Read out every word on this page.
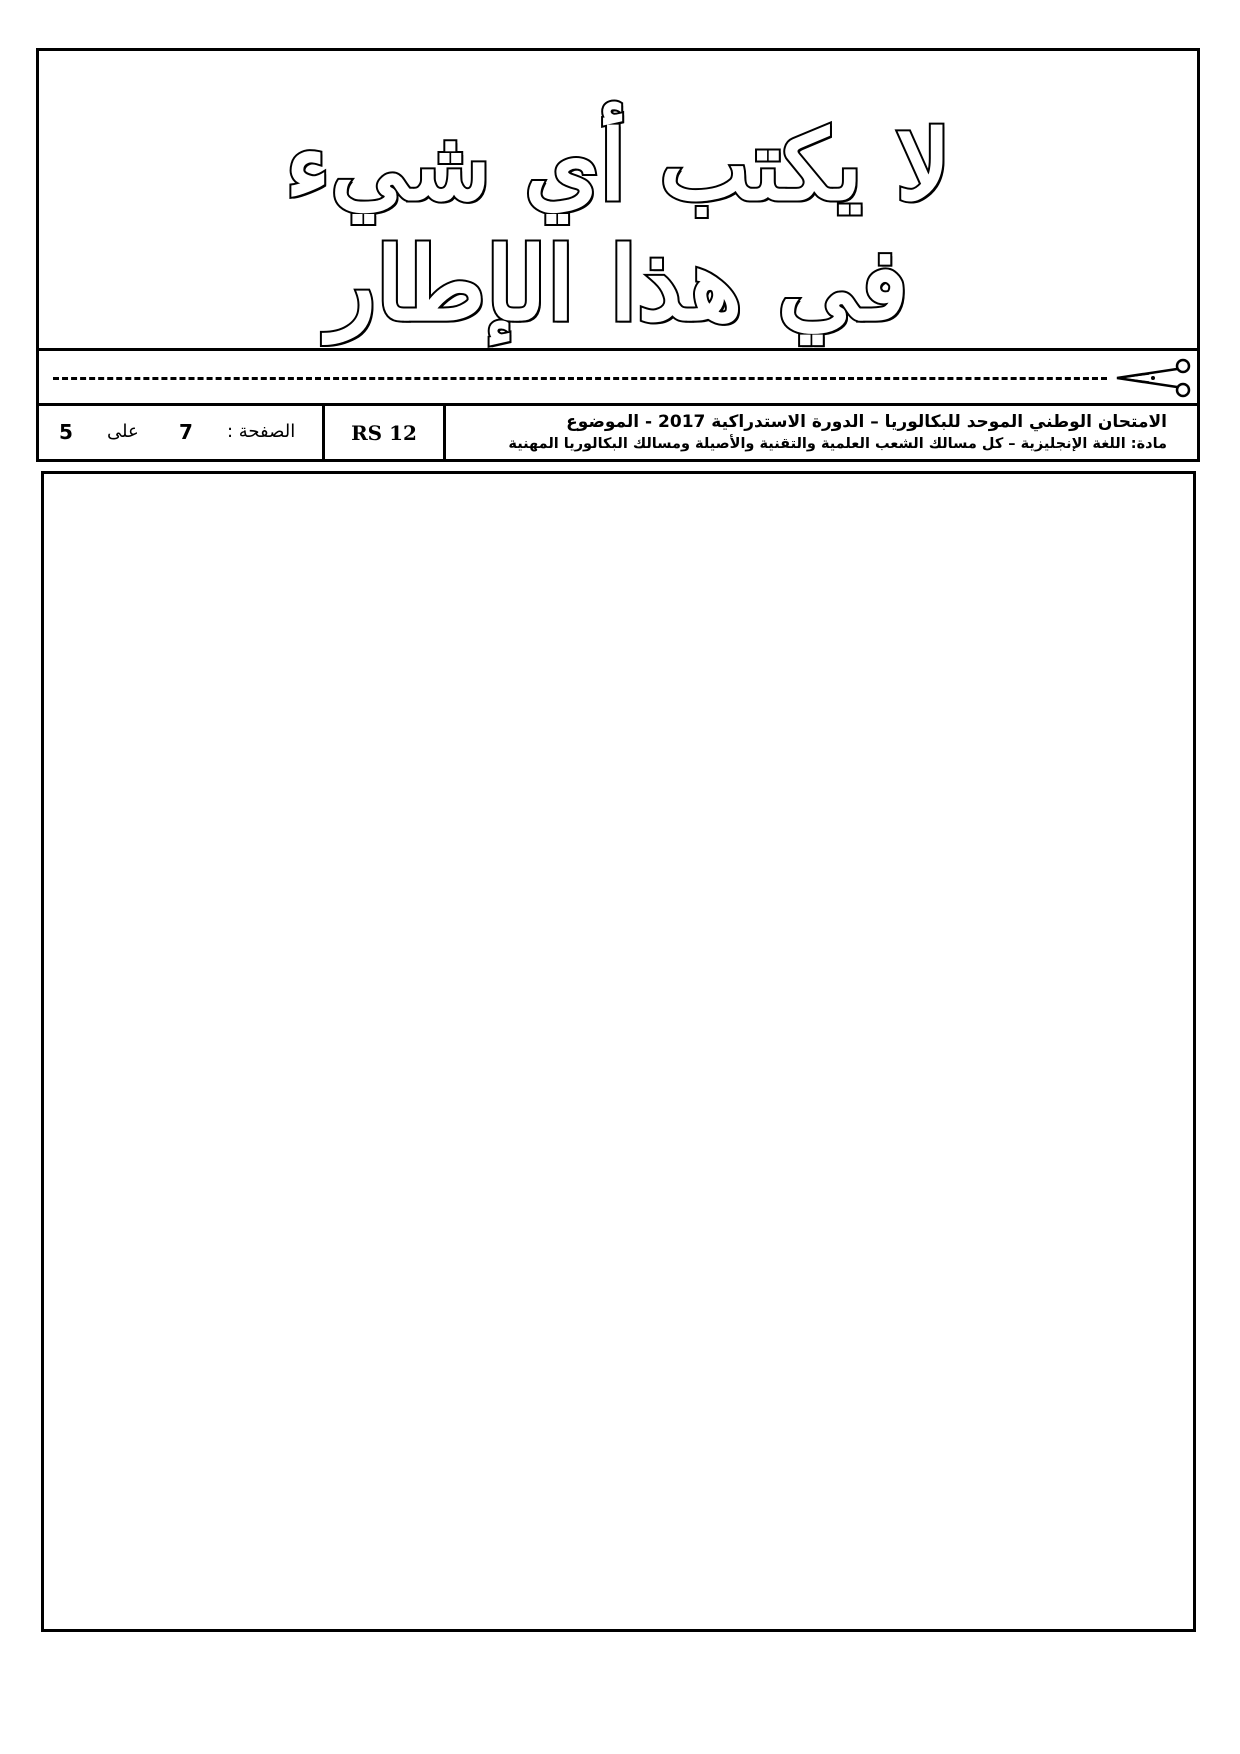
لا يكتب أي شيء
في هذا الإطار
5 على 7 الصفحة :	RS 12	الامتحان الوطني الموحد للبكالوريا – الدورة الاستدراكية 2017 - الموضوع
مادة: اللغة الإنجليزية – كل مسالك الشعب العلمية والتقنية والأصيلة ومسالك البكالوريا المهنية
